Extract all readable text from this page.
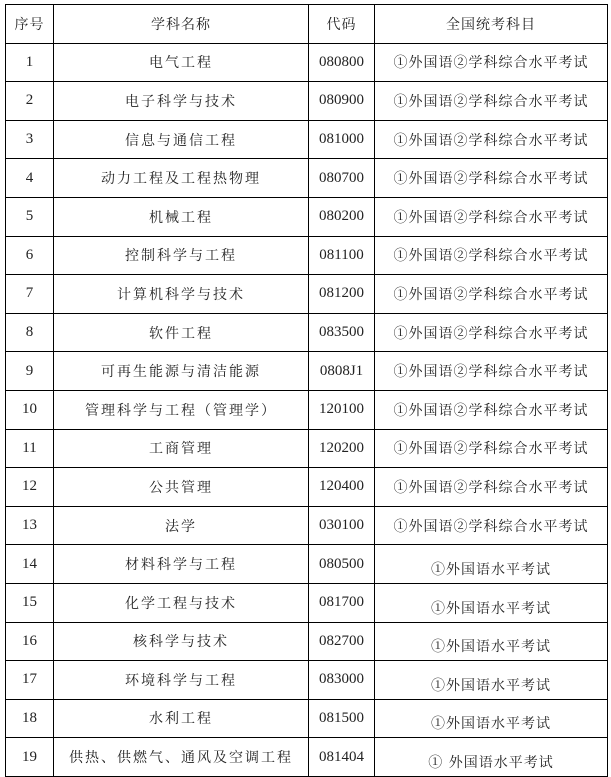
序号	学科名称	代码	全国统考科目
1	电气工程	080800	①外国语②学科综合水平考试
2	电子科学与技术	080900	①外国语②学科综合水平考试
3	信息与通信工程	081000	①外国语②学科综合水平考试
4	动力工程及工程热物理	080700	①外国语②学科综合水平考试
5	机械工程	080200	①外国语②学科综合水平考试
6	控制科学与工程	081100	①外国语②学科综合水平考试
7	计算机科学与技术	081200	①外国语②学科综合水平考试
8	软件工程	083500	①外国语②学科综合水平考试
9	可再生能源与清洁能源	0808J1	①外国语②学科综合水平考试
10	管理科学与工程（管理学）	120100	①外国语②学科综合水平考试
11	工商管理	120200	①外国语②学科综合水平考试
12	公共管理	120400	①外国语②学科综合水平考试
13	法学	030100	①外国语②学科综合水平考试
14	材料科学与工程	080500	①外国语水平考试
15	化学工程与技术	081700	①外国语水平考试
16	核科学与技术	082700	①外国语水平考试
17	环境科学与工程	083000	①外国语水平考试
18	水利工程	081500	①外国语水平考试
19	供热、供燃气、通风及空调工程	081404	① 外国语水平考试
